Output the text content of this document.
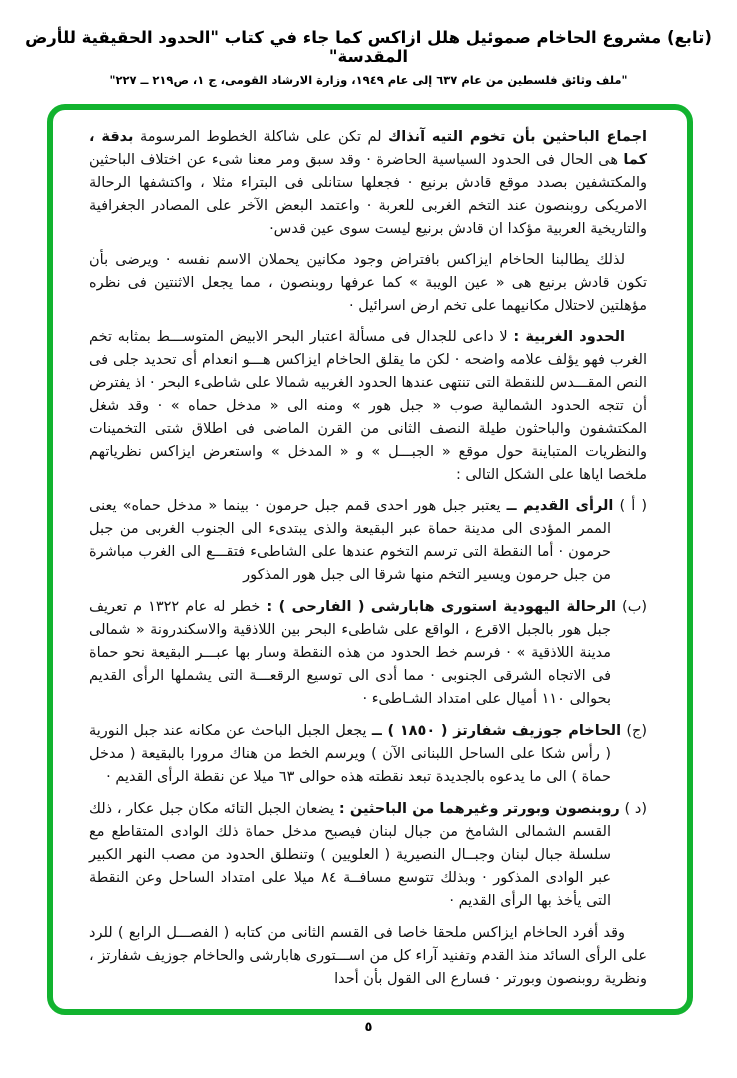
(تابع) مشروع الحاخام صموئيل هلل ازاكس كما جاء في كتاب "الحدود الحقيقية للأرض المقدسة"
"ملف وثائق فلسطين من عام ٦٣٧ إلى عام ١٩٤٩، وزارة الارشاد القومى، ج ١، ص٢١٩ ــ ٢٢٧"

اجماع الباحثين بأن تخوم التيه آنذاك لم تكن على شاكلة الخطوط المرسومة بدقة ، كما هى الحال فى الحدود السياسية الحاضرة · وقد سبق ومر معنا شىء عن اختلاف الباحثين والمكتشفين بصدد موقع قادش برنيع · فجعلها ستانلى فى البتراء مثلا ، واكتشفها الرحالة الامريكى روبنصون عند التخم الغربى للعربة · واعتمد البعض الآخر على المصادر الجغرافية والتاريخية العربية مؤكدا ان قادش برنيع ليست سوى عين قدس·

لذلك يطالبنا الحاخام ايزاكس بافتراض وجود مكانين يحملان الاسم نفسه · ويرضى بأن تكون قادش برنيع هى « عين الويبة » كما عرفها روبنصون ، مما يجعل الاثنتين فى نظره مؤهلتين لاحتلال مكانيهما على تخم ارض اسرائيل ·

الحدود الغربية : لا داعى للجدال فى مسألة اعتبار البحر الابيض المتوســـط بمثابه تخم الغرب فهو يؤلف علامه واضحه · لكن ما يقلق الحاخام ايزاكس هـــو انعدام أى تحديد جلى فى النص المقـــدس للنقطة التى تنتهى عندها الحدود الغربيه شمالا على شاطىء البحر · اذ يفترض أن تتجه الحدود الشمالية صوب « جبل هور » ومنه الى « مدخل حماه » · وقد شغل المكتشفون والباحثون طيلة النصف الثانى من القرن الماضى فى اطلاق شتى التخمينات والنظريات المتباينة حول موقع « الجبـــل » و « المدخل » واستعرض ايزاكس نظرياتهم ملخصا اياها على الشكل التالى :

( أ ) الرأى القديم ــ يعتبر جبل هور احدى قمم جبل حرمون · بينما « مدخل حماه» يعنى الممر المؤدى الى مدينة حماة عبر البقيعة والذى يبتدىء الى الجنوب الغربى من جبل حرمون · أما النقطة التى ترسم التخوم عندها على الشاطىء فتقـــع الى الغرب مباشرة من جبل حرمون ويسير التخم منها شرقا الى جبل هور المذكور
(ب) الرحالة اليهودية استورى هابارشى ( الفارحى ) : خطر له عام ١٣٢٢ م تعريف جبل هور بالجبل الاقرع ، الواقع على شاطىء البحر بين اللاذقية والاسكندرونة « شمالى مدينة اللاذقية » · فرسم خط الحدود من هذه النقطة وسار بها عبـــر البقيعة نحو حماة فى الاتجاه الشرقى الجنوبى · مما أدى الى توسيع الرقعـــة التى يشملها الرأى القديم بحوالى ١١٠ أميال على امتداد الشـاطىء ·
(ج) الحاخام جوزيف شفارتز ( ١٨٥٠ ) ــ يجعل الجبل الباحث عن مكانه عند جبل النورية ( رأس شكا على الساحل اللبنانى الآن ) ويرسم الخط من هناك مرورا بالبقيعة ( مدخل حماة ) الى ما يدعوه بالجديدة تبعد نقطته هذه حوالى ٦٣ ميلا عن نقطة الرأى القديم ·
(د ) روبنصون وبورتر وغيرهما من الباحثين : يضعان الجبل التائه مكان جبل عكار ، ذلك القسم الشمالى الشامخ من جبال لبنان فيصبح مدخل حماة ذلك الوادى المتقاطع مع سلسلة جبال لبنان وجبــال النصيرية ( العلويين ) وتنطلق الحدود من مصب النهر الكبير عبر الوادى المذكور · وبذلك تتوسع مسافــة ٨٤ ميلا على امتداد الساحل وعن النقطة التى يأخذ بها الرأى القديم ·

وقد أفرد الحاخام ايزاكس ملحقا خاصا فى القسم الثانى من كتابه ( الفصـــل الرابع ) للرد على الرأى السائد منذ القدم وتفنيد آراء كل من اســـتورى هابارشى والحاخام جوزيف شفارتز ، ونظرية روبنصون وبورتر · فسارع الى القول بأن أحدا

٥
